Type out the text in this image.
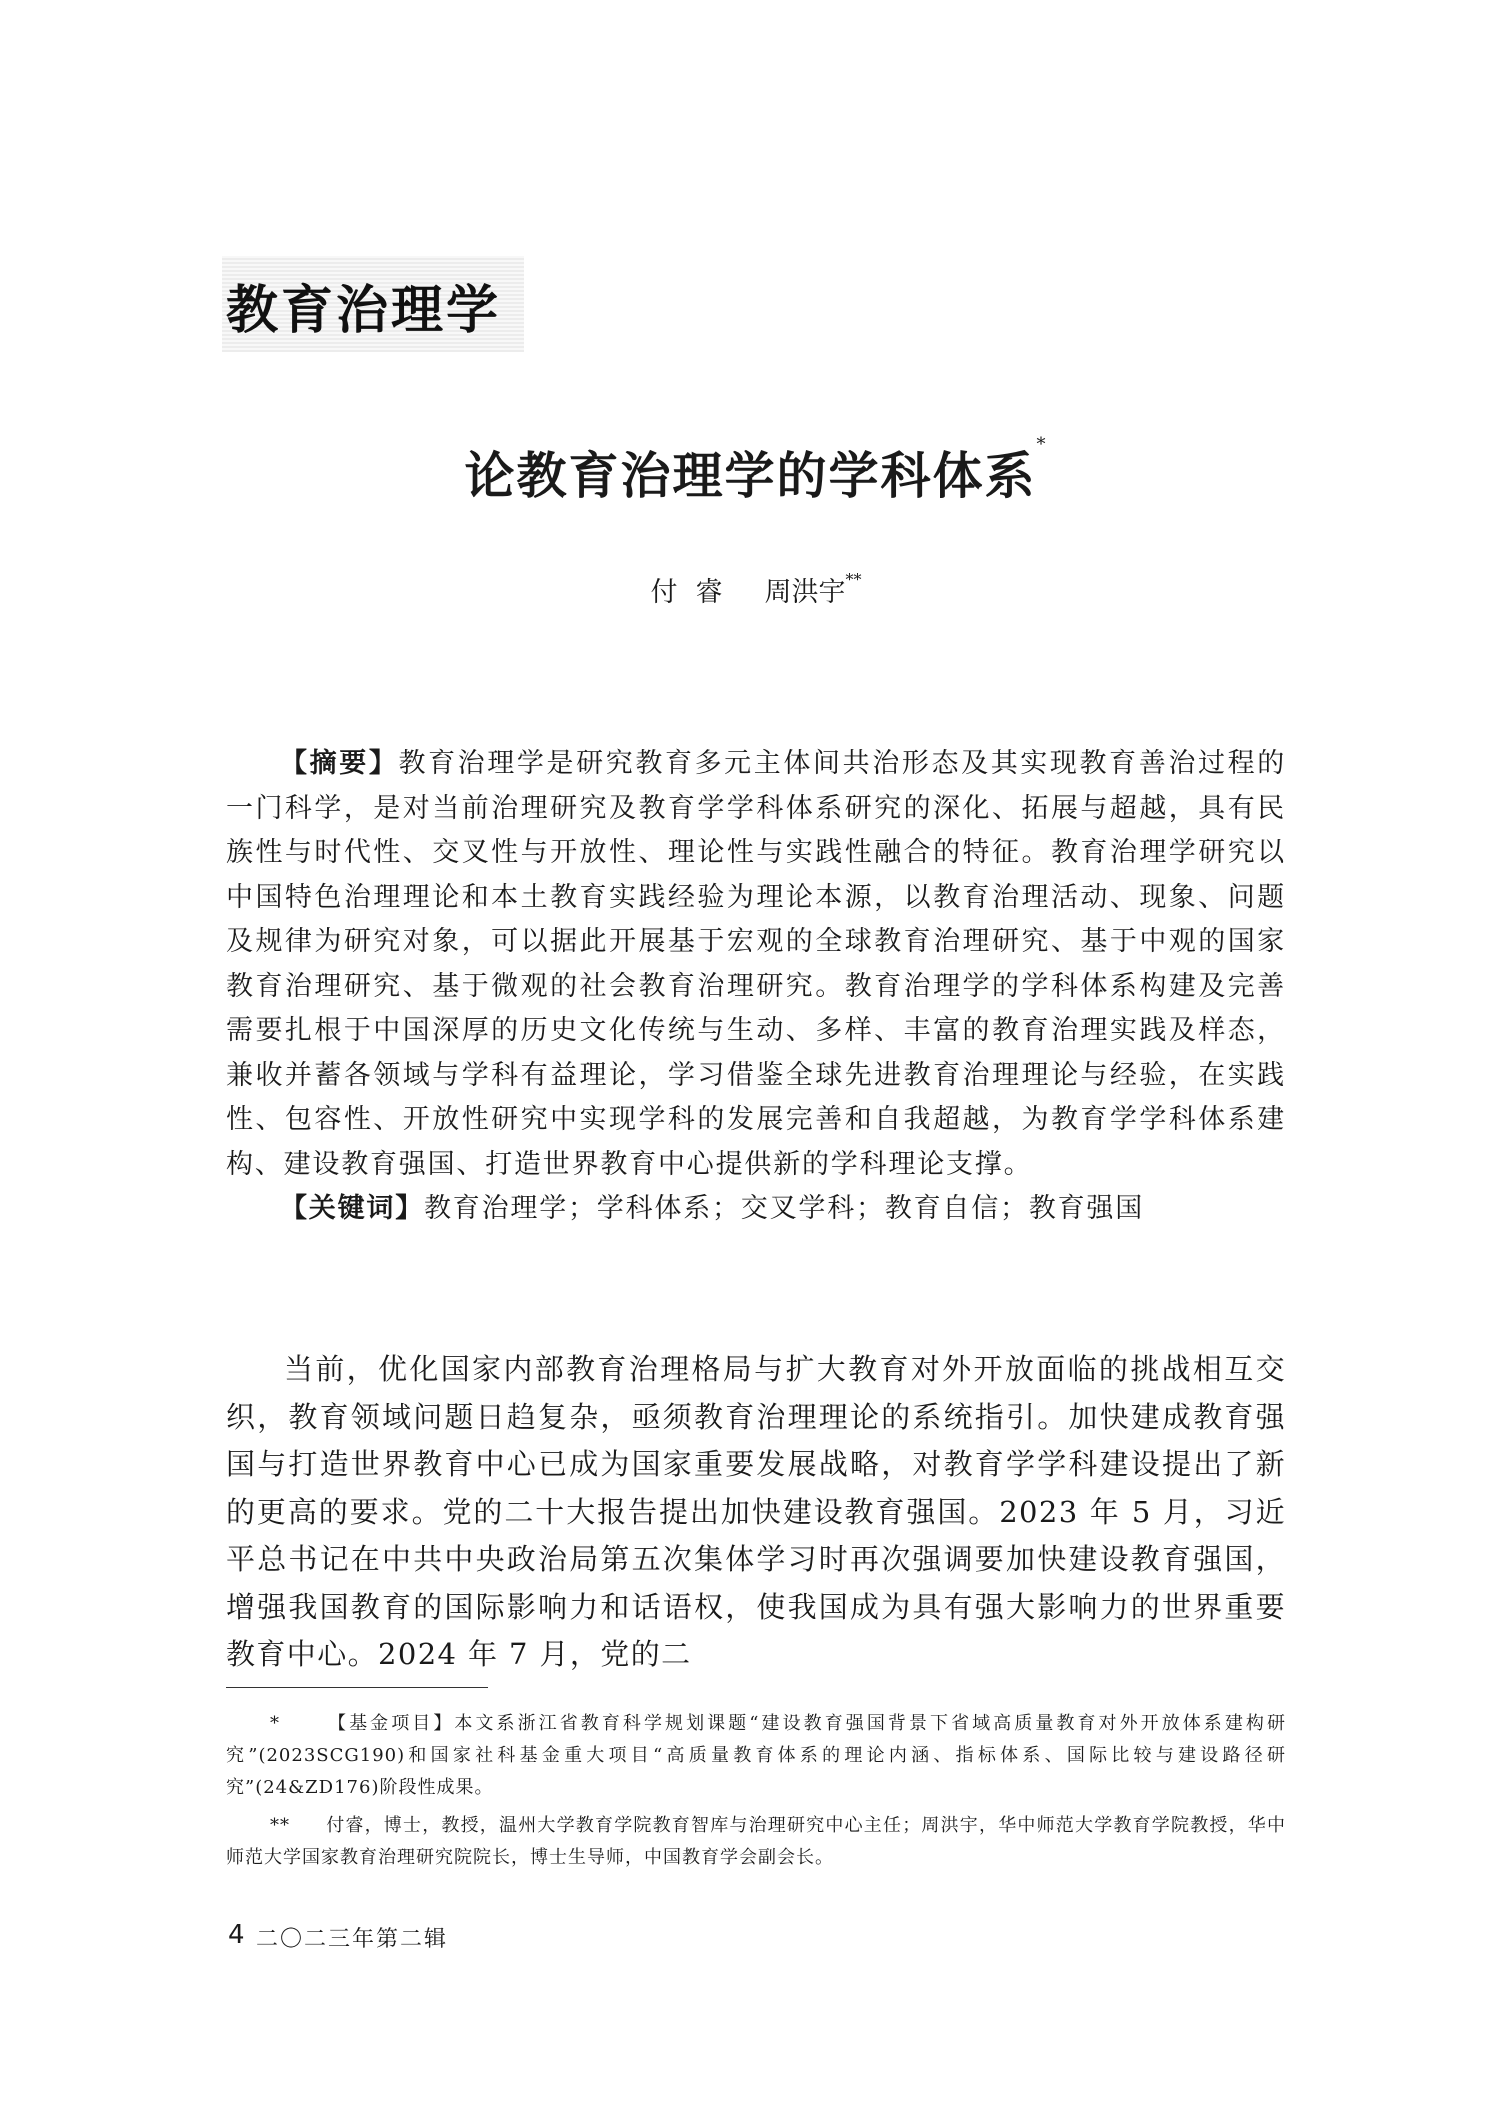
教育治理学
论教育治理学的学科体系*
付睿 周洪宇**

【摘要】教育治理学是研究教育多元主体间共治形态及其实现教育善治过程的一门科学，是对当前治理研究及教育学学科体系研究的深化、拓展与超越，具有民族性与时代性、交叉性与开放性、理论性与实践性融合的特征。教育治理学研究以中国特色治理理论和本土教育实践经验为理论本源，以教育治理活动、现象、问题及规律为研究对象，可以据此开展基于宏观的全球教育治理研究、基于中观的国家教育治理研究、基于微观的社会教育治理研究。教育治理学的学科体系构建及完善需要扎根于中国深厚的历史文化传统与生动、多样、丰富的教育治理实践及样态，兼收并蓄各领域与学科有益理论，学习借鉴全球先进教育治理理论与经验，在实践性、包容性、开放性研究中实现学科的发展完善和自我超越，为教育学学科体系建构、建设教育强国、打造世界教育中心提供新的学科理论支撑。

【关键词】教育治理学；学科体系；交叉学科；教育自信；教育强国

当前，优化国家内部教育治理格局与扩大教育对外开放面临的挑战相互交织，教育领域问题日趋复杂，亟须教育治理理论的系统指引。加快建成教育强国与打造世界教育中心已成为国家重要发展战略，对教育学学科建设提出了新的更高的要求。党的二十大报告提出加快建设教育强国。2023 年 5 月，习近平总书记在中共中央政治局第五次集体学习时再次强调要加快建设教育强国，增强我国教育的国际影响力和话语权，使我国成为具有强大影响力的世界重要教育中心。2024 年 7 月，党的二

*	【基金项目】本文系浙江省教育科学规划课题“建设教育强国背景下省域高质量教育对外开放体系建构研究”(2023SCG190)和国家社科基金重大项目“高质量教育体系的理论内涵、指标体系、国际比较与建设路径研究”(24&ZD176)阶段性成果。

** 付睿，博士，教授，温州大学教育学院教育智库与治理研究中心主任；周洪宇，华中师范大学教育学院教授，华中师范大学国家教育治理研究院院长，博士生导师，中国教育学会副会长。

4 二〇二三年第二辑
